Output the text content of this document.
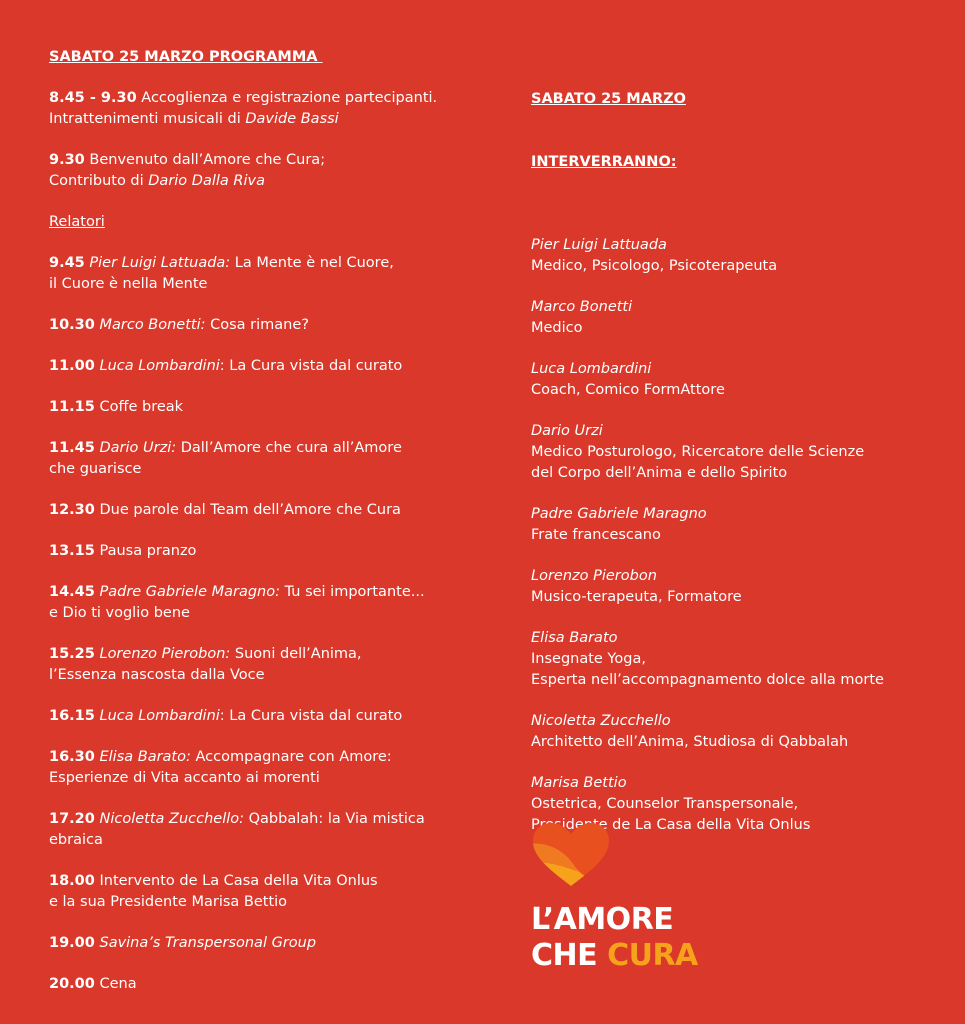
SABATO 25 MARZO PROGRAMMA
8.45 - 9.30 Accoglienza e registrazione partecipanti.
Intrattenimenti musicali di Davide Bassi
9.30 Benvenuto dall’Amore che Cura;
Contributo di Dario Dalla Riva
Relatori
9.45 Pier Luigi Lattuada: La Mente è nel Cuore,
il Cuore è nella Mente
10.30 Marco Bonetti: Cosa rimane?
11.00 Luca Lombardini: La Cura vista dal curato
11.15 Coffe break
11.45 Dario Urzi: Dall’Amore che cura all’Amore
che guarisce
12.30 Due parole dal Team dell’Amore che Cura
13.15 Pausa pranzo
14.45 Padre Gabriele Maragno: Tu sei importante...
e Dio ti voglio bene
15.25 Lorenzo Pierobon: Suoni dell’Anima,
l’Essenza nascosta dalla Voce
16.15 Luca Lombardini: La Cura vista dal curato
16.30 Elisa Barato: Accompagnare con Amore:
Esperienze di Vita accanto ai morenti
17.20 Nicoletta Zucchello: Qabbalah: la Via mistica
ebraica
18.00 Intervento de La Casa della Vita Onlus
e la sua Presidente Marisa Bettio
19.00 Savina’s Transpersonal Group
20.00 Cena

SABATO 25 MARZO

INTERVERRANNO:

Pier Luigi Lattuada
Medico, Psicologo, Psicoterapeuta
Marco Bonetti
Medico
Luca Lombardini
Coach, Comico FormAttore
Dario Urzi
Medico Posturologo, Ricercatore delle Scienze
del Corpo dell’Anima e dello Spirito
Padre Gabriele Maragno
Frate francescano
Lorenzo Pierobon
Musico-terapeuta, Formatore
Elisa Barato
Insegnate Yoga,
Esperta nell’accompagnamento dolce alla morte
Nicoletta Zucchello
Architetto dell’Anima, Studiosa di Qabbalah
Marisa Bettio
Ostetrica, Counselor Transpersonale,
Presidente de La Casa della Vita Onlus
L’AMORE
CHE CURA
